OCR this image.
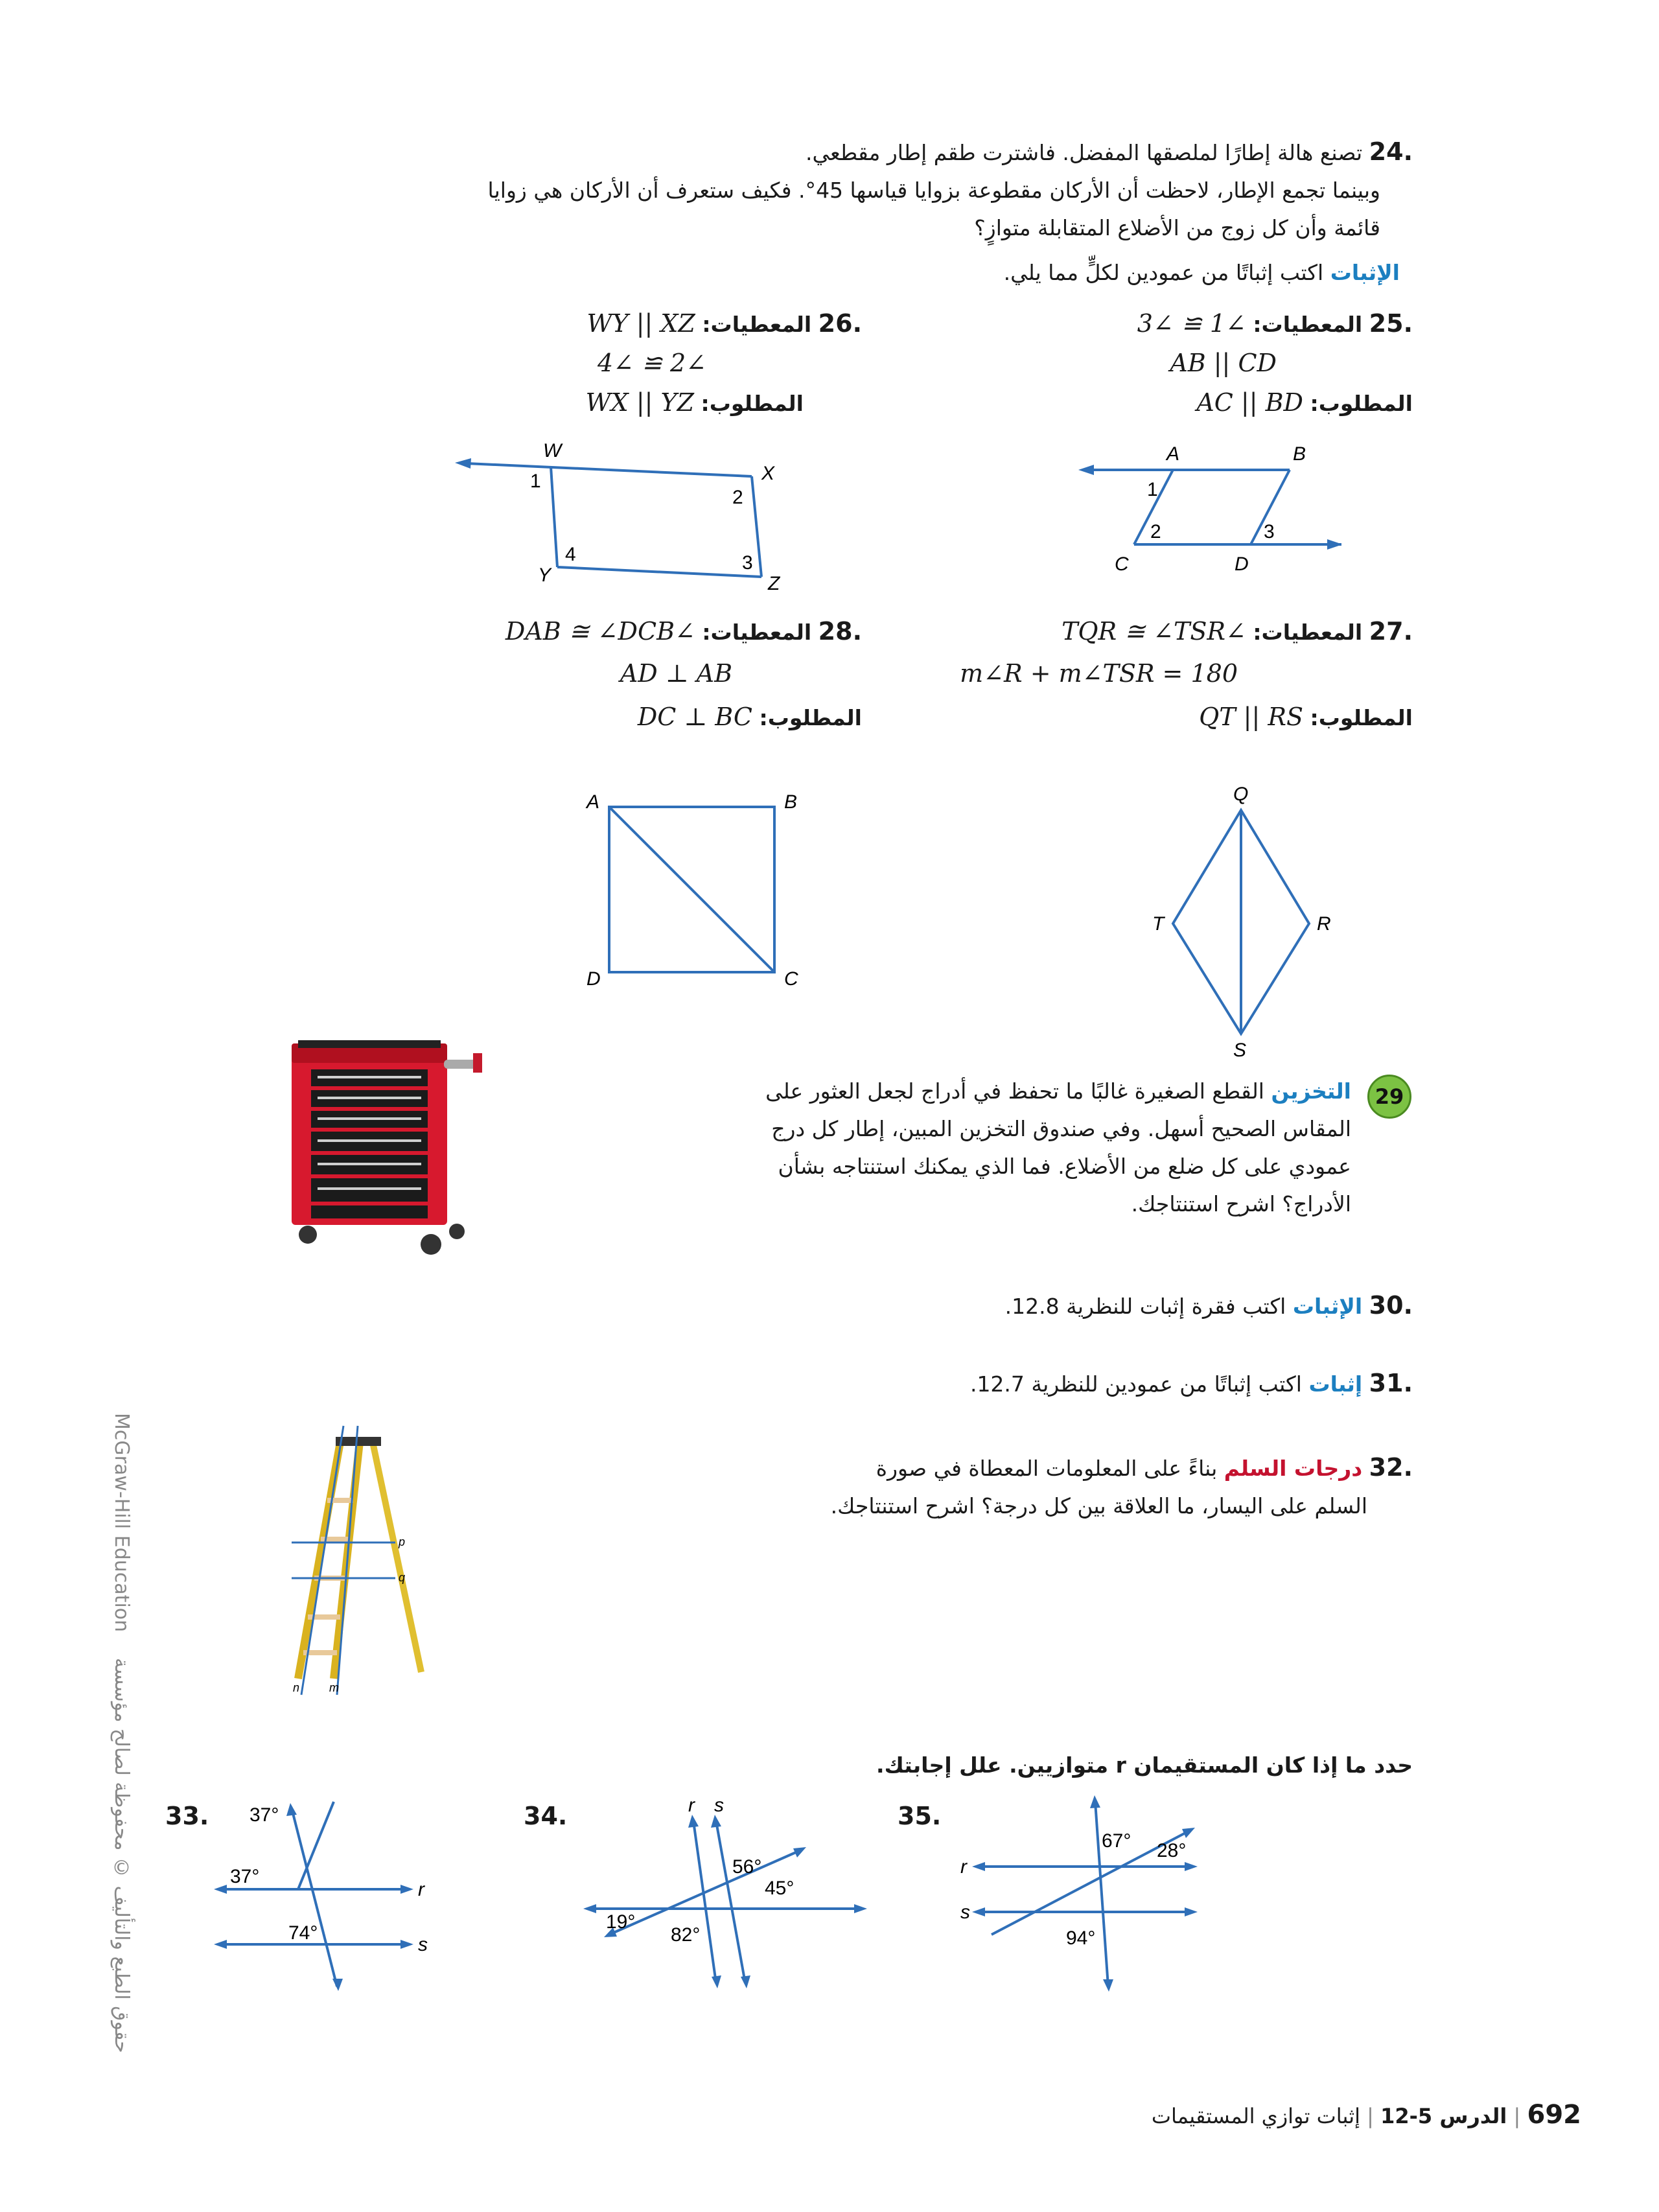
.24 تصنع هالة إطارًا لملصقها المفضل. فاشترت طقم إطار مقطعي.
وبينما تجمع الإطار، لاحظت أن الأركان مقطوعة بزوايا قياسها 45°. فكيف ستعرف أن الأركان هي زوايا
قائمة وأن كل زوج من الأضلاع المتقابلة متوازٍ؟
الإثبات اكتب إثباتًا من عمودين لكلٍّ مما يلي.
.25 المعطيات: ∠1 ≅ ∠3
AB || CD
المطلوب: AC || BD
.26 المعطيات: WY || XZ
∠2 ≅ ∠4
المطلوب: WX || YZ
A	B
C	D
1
2	3
W
X
Y	Z
1
2
3
4
.27 المعطيات: ∠TQR ≅ ∠TSR
m∠R + m∠TSR = 180
المطلوب: QT || RS
.28 المعطيات: ∠DAB ≅ ∠DCB
AD ⊥ AB
المطلوب: DC ⊥ BC
A	B
C
D
Q
T	R
S
29
التخزين القطع الصغيرة غالبًا ما تحفظ في أدراج لجعل العثور على
المقاس الصحيح أسهل. وفي صندوق التخزين المبين، إطار كل درج
عمودي على كل ضلع من الأضلاع. فما الذي يمكنك استنتاجه بشأن
الأدراج؟ اشرح استنتاجك.
.30 الإثبات اكتب فقرة إثبات للنظرية 12.8.
.31 إثبات اكتب إثباتًا من عمودين للنظرية 12.7.
.32 درجات السلم بناءً على المعلومات المعطاة في صورة
السلم على اليسار، ما العلاقة بين كل درجة؟ اشرح استنتاجك.
p
q
n	m
McGraw-Hill Education حقوق الطبع والتأليف © محفوظة لصالح مؤسسة	حدد ما إذا كان المستقيمان r متوازيين. علل إجابتك.
33. 37°
37°
74°
r
s
34.	r s
56°
45°
19°
82°
35.
r
s
67° 28°
94°
692 | الدرس 5-12 | إثبات توازي المستقيمات
